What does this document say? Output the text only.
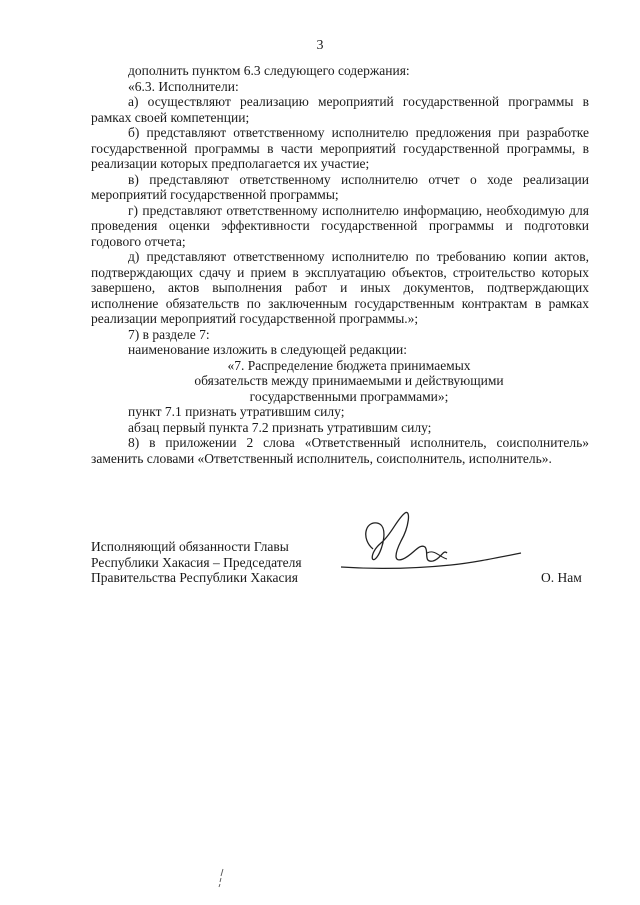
3

дополнить пунктом 6.3 следующего содержания:

«6.3. Исполнители:

а) осуществляют реализацию мероприятий государственной программы в рамках своей компетенции;

б) представляют ответственному исполнителю предложения при разработке государственной программы в части мероприятий государственной программы, в реализации которых предполагается их участие;

в) представляют ответственному исполнителю отчет о ходе реализации мероприятий государственной программы;

г) представляют ответственному исполнителю информацию, необходимую для проведения оценки эффективности государственной программы и подготовки годового отчета;

д) представляют ответственному исполнителю по требованию копии актов, подтверждающих сдачу и прием в эксплуатацию объектов, строительство которых завершено, актов выполнения работ и иных документов, подтверждающих исполнение обязательств по заключенным государственным контрактам в рамках реализации мероприятий государственной программы.»;

7) в разделе 7:

наименование изложить в следующей редакции:

«7. Распределение бюджета принимаемых
обязательств между принимаемыми и действующими
государственными программами»;

пункт 7.1 признать утратившим силу;

абзац первый пункта 7.2 признать утратившим силу;

8) в приложении 2 слова «Ответственный исполнитель, соисполнитель» заменить словами «Ответственный исполнитель, соисполнитель, исполнитель».

Исполняющий обязанности Главы
Республики Хакасия – Председателя
Правительства Республики Хакасия	О. Нам
